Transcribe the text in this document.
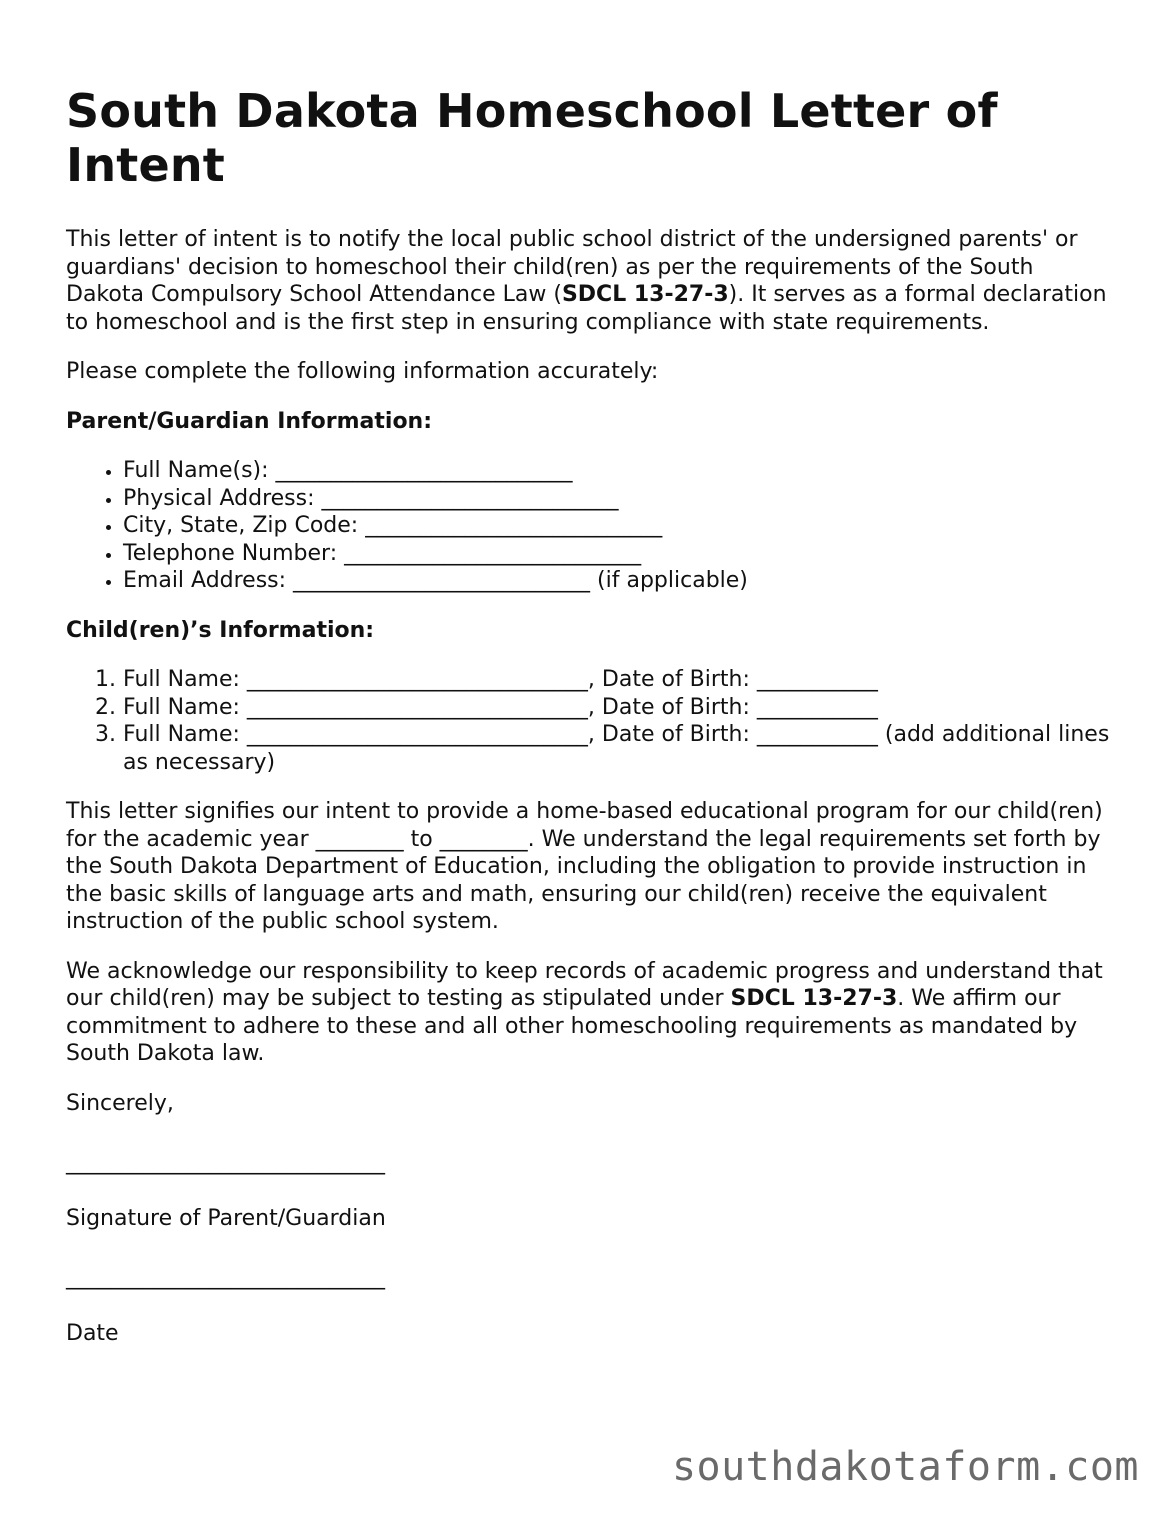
South Dakota Homeschool Letter of Intent

This letter of intent is to notify the local public school district of the undersigned parents' or guardians' decision to homeschool their child(ren) as per the requirements of the South Dakota Compulsory School Attendance Law (SDCL 13-27-3). It serves as a formal declaration to homeschool and is the first step in ensuring compliance with state requirements.

Please complete the following information accurately:

Parent/Guardian Information:

• Full Name(s): ___________________________
• Physical Address: ___________________________
• City, State, Zip Code: ___________________________
• Telephone Number: ___________________________
• Email Address: ___________________________ (if applicable)

Child(ren)’s Information:

1. Full Name: _______________________________, Date of Birth: ___________
2. Full Name: _______________________________, Date of Birth: ___________
3. Full Name: _______________________________, Date of Birth: ___________ (add additional lines as necessary)

This letter signifies our intent to provide a home-based educational program for our child(ren) for the academic year ________ to ________. We understand the legal requirements set forth by the South Dakota Department of Education, including the obligation to provide instruction in the basic skills of language arts and math, ensuring our child(ren) receive the equivalent instruction of the public school system.

We acknowledge our responsibility to keep records of academic progress and understand that our child(ren) may be subject to testing as stipulated under SDCL 13-27-3. We affirm our commitment to adhere to these and all other homeschooling requirements as mandated by South Dakota law.

Sincerely,

_____________________________

Signature of Parent/Guardian

_____________________________

Date

southdakotaform.com
